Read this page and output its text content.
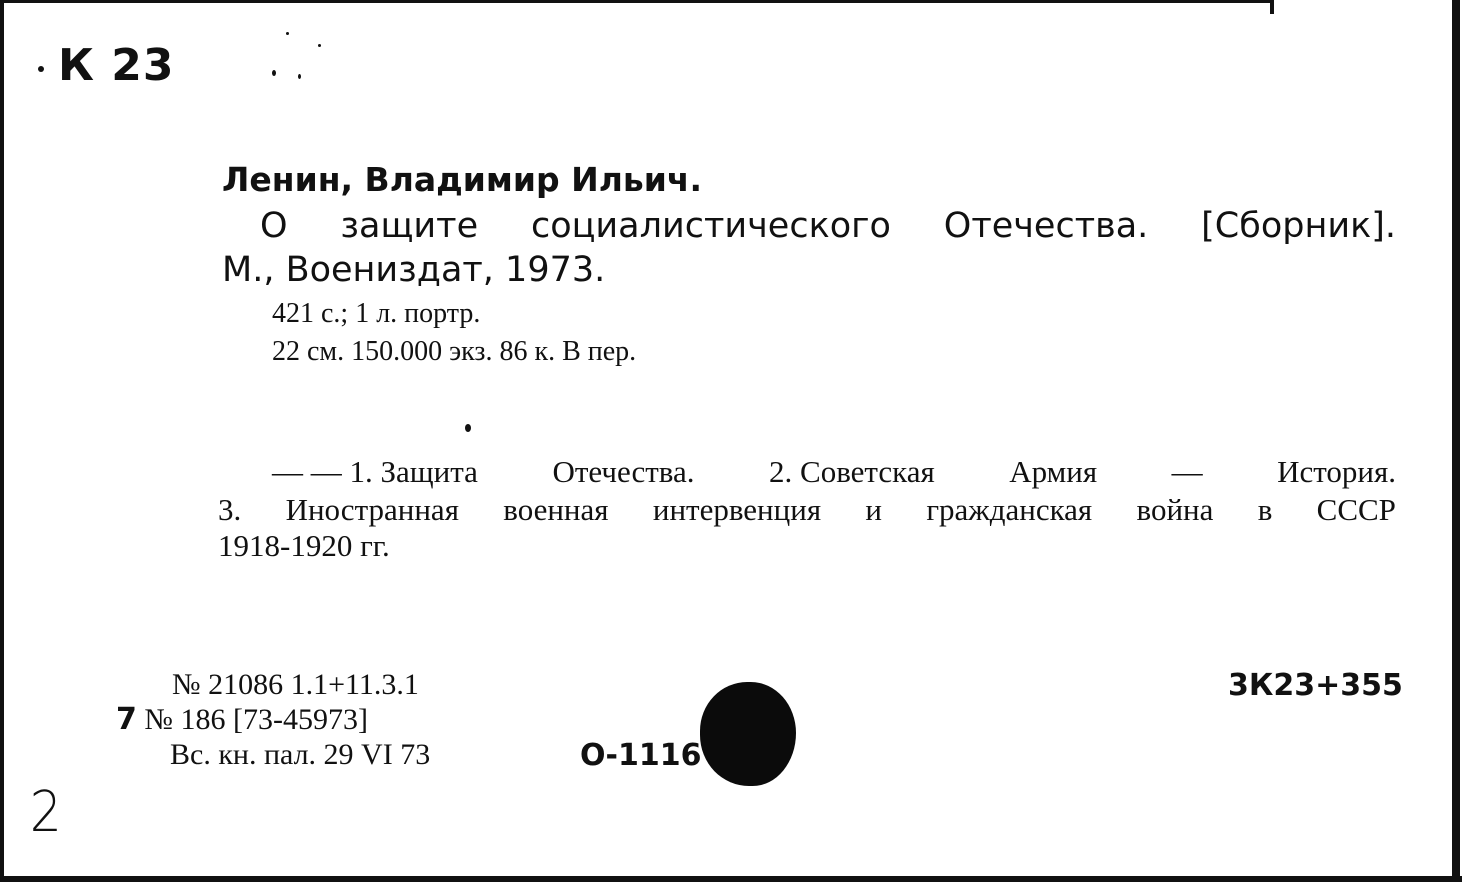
К 23
Ленин, Владимир Ильич.
О защите социалистического Отечества. [Сборник].
М., Воениздат, 1973.
421 с.; 1 л. портр.
22 см. 150.000 экз. 86 к. В пер.
— — 1. Защита Отечества. 2. Советская Армия — История.
3. Иностранная военная интервенция и гражданская война в СССР
1918-1920 гг.
№ 21086 1.1+11.3.1
7 № 186 [73-45973]
Вс. кн. пал. 29 VI 73	О-1116
3К23+355
2
